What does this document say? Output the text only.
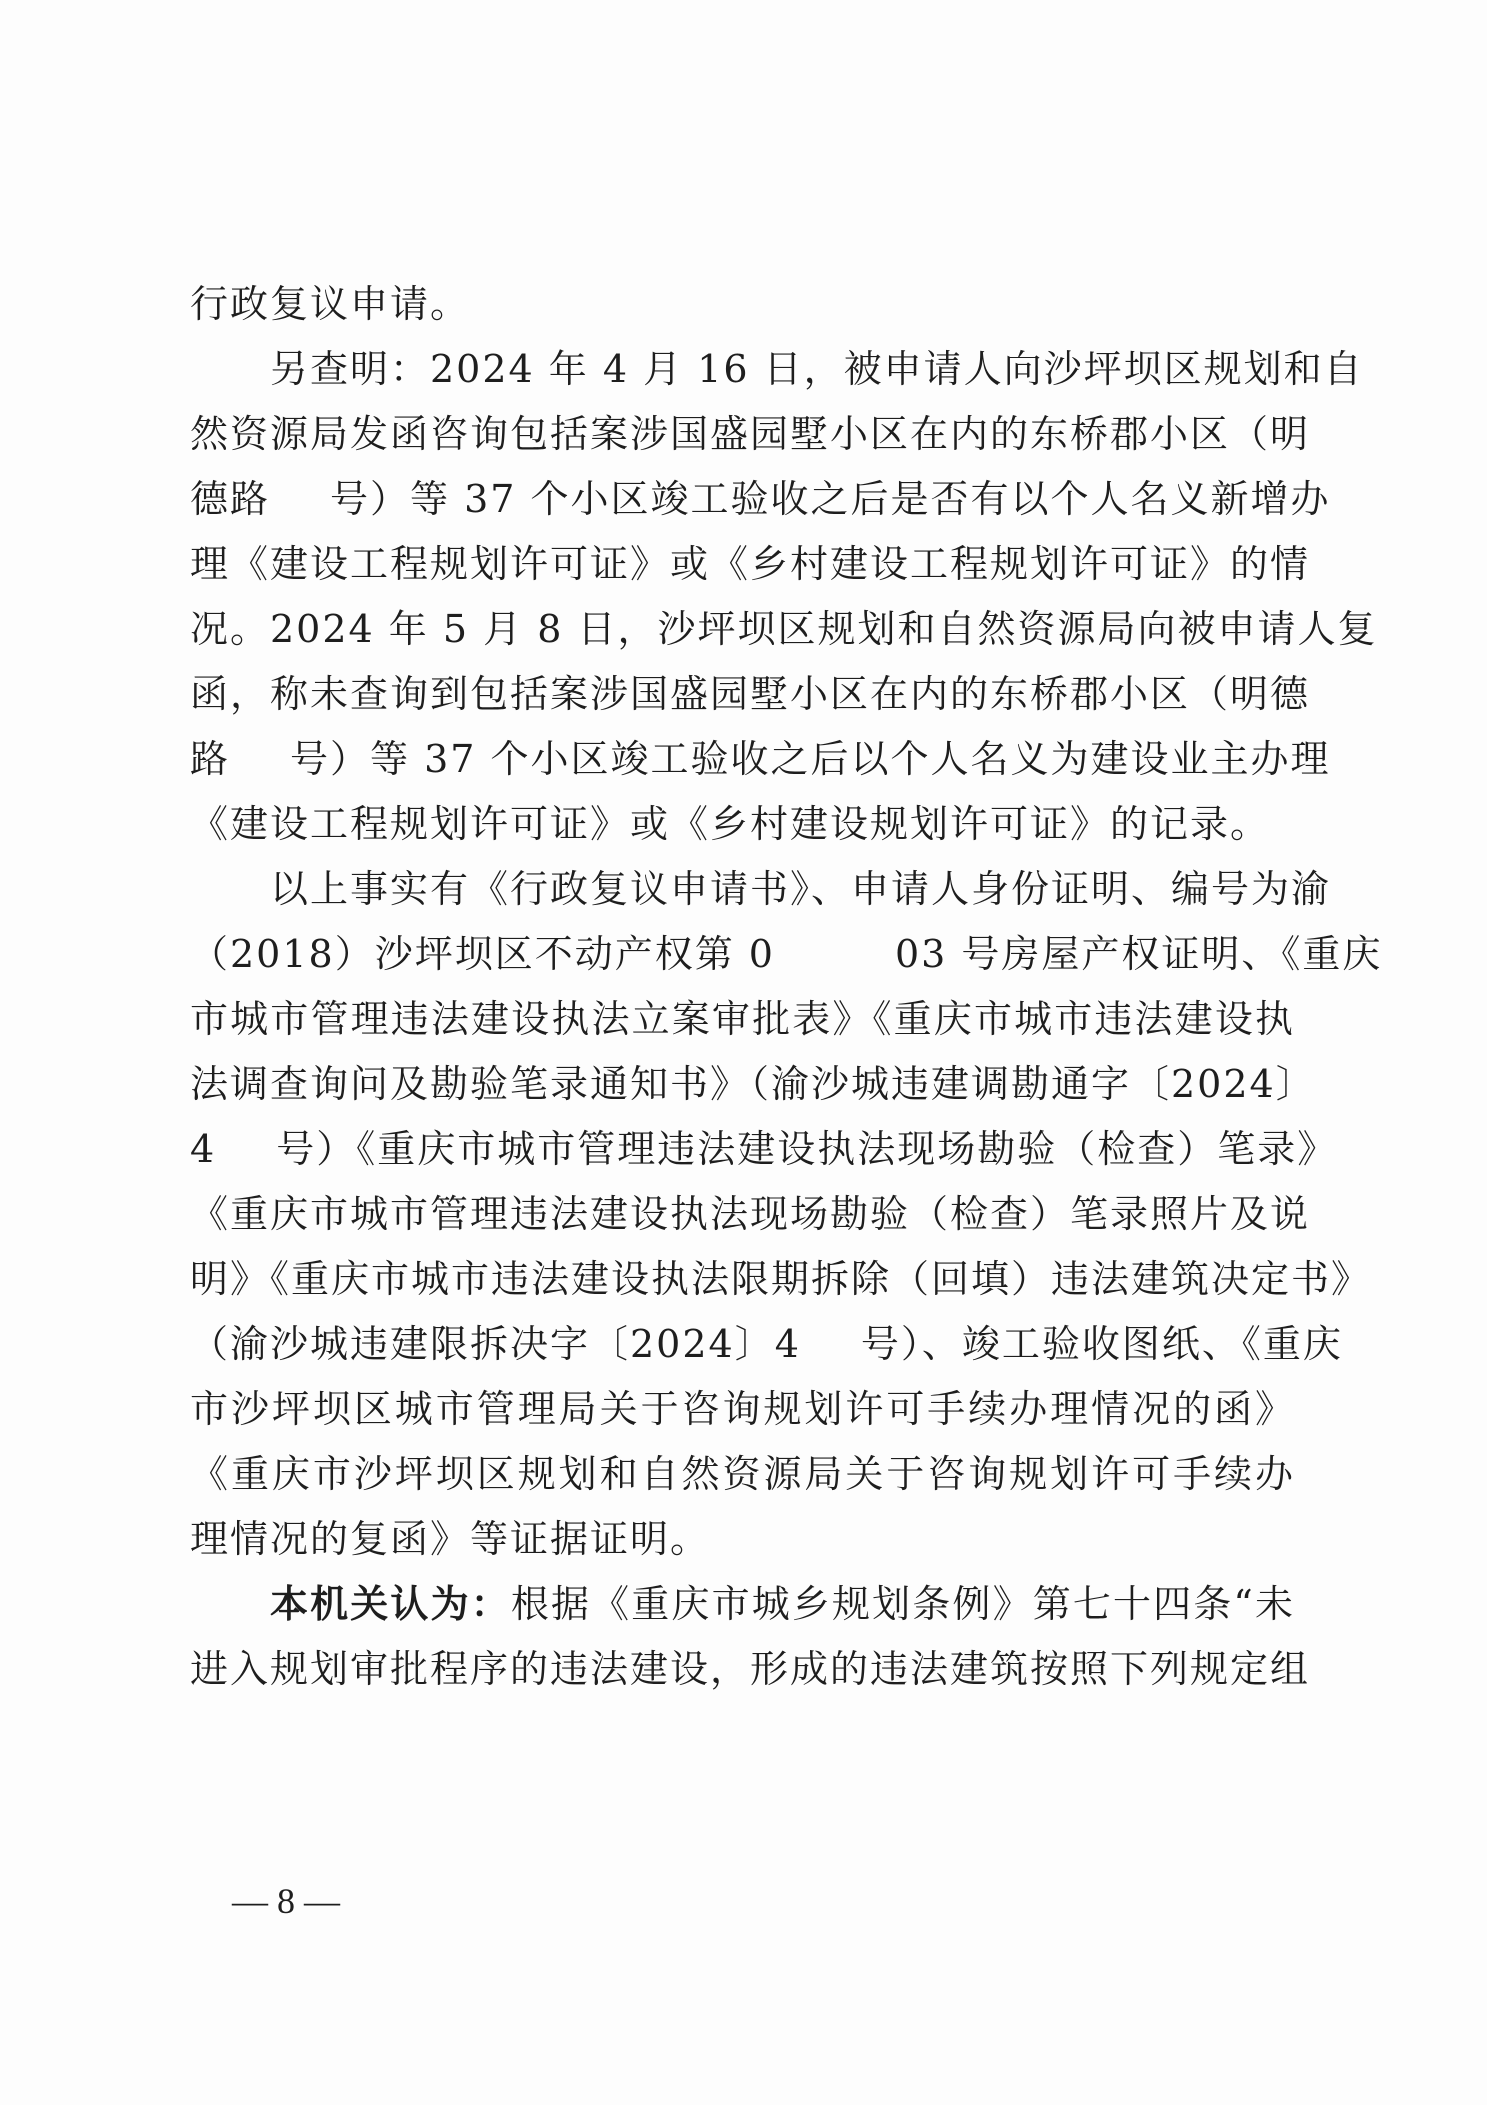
行政复议申请。
另查明：2024 年 4 月 16 日，被申请人向沙坪坝区规划和自
然资源局发函咨询包括案涉国盛园墅小区在内的东桥郡小区（明
德路 号）等 37 个小区竣工验收之后是否有以个人名义新增办
理《建设工程规划许可证》或《乡村建设工程规划许可证》的情
况。2024 年 5 月 8 日，沙坪坝区规划和自然资源局向被申请人复
函，称未查询到包括案涉国盛园墅小区在内的东桥郡小区（明德
路 号）等 37 个小区竣工验收之后以个人名义为建设业主办理
《建设工程规划许可证》或《乡村建设规划许可证》的记录。
以上事实有《行政复议申请书》、申请人身份证明、编号为渝
（2018）沙坪坝区不动产权第 0	03 号房屋产权证明、《重庆
市城市管理违法建设执法立案审批表》《重庆市城市违法建设执
法调查询问及勘验笔录通知书》（渝沙城违建调勘通字〔2024〕
4 号）《重庆市城市管理违法建设执法现场勘验（检查）笔录》
《重庆市城市管理违法建设执法现场勘验（检查）笔录照片及说
明》《重庆市城市违法建设执法限期拆除（回填）违法建筑决定书》
（渝沙城违建限拆决字〔2024〕4 号）、竣工验收图纸、《重庆
市沙坪坝区城市管理局关于咨询规划许可手续办理情况的函》
《重庆市沙坪坝区规划和自然资源局关于咨询规划许可手续办
理情况的复函》等证据证明。
本机关认为：根据《重庆市城乡规划条例》第七十四条“未
进入规划审批程序的违法建设，形成的违法建筑按照下列规定组
— 8 —
